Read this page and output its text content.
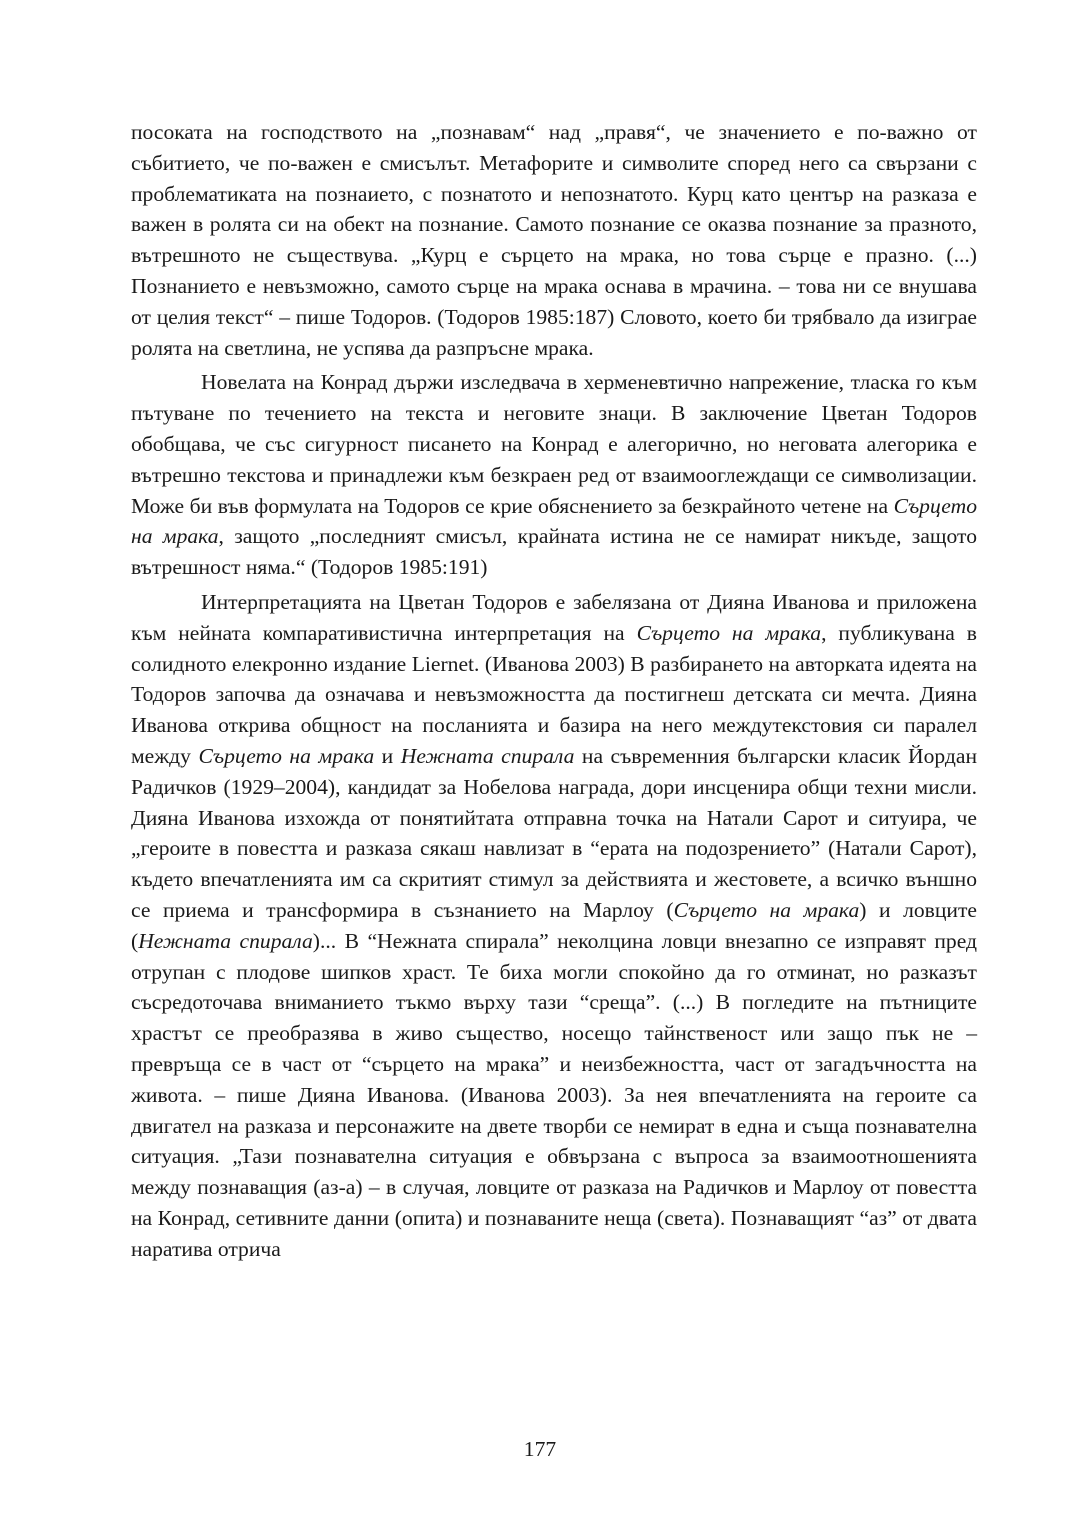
посоката на господството на „познавам“ над „правя“, че значението е по-важно от събитието, че по-важен е смисълът. Метафорите и символите според него са свързани с проблематиката на познаието, с познатото и непознатото. Курц като център на разказа е важен в ролята си на обект на познание. Самото познание се оказва познание за празното, вътрешното не съществува. „Курц е сърцето на мрака, но това сърце е празно. (...) Познанието е невъзможно, самото сърце на мрака оснава в мрачина. – това ни се внушава от целия текст“ – пише Тодоров. (Тодоров 1985:187) Словото, което би трябвало да изиграе ролята на светлина, не успява да разпръсне мрака.

Новелата на Конрад държи изследвача в херменевтично напрежение, тласка го към пътуване по течението на текста и неговите знаци. В заключение Цветан Тодоров обобщава, че със сигурност писането на Конрад е алегорично, но неговата алегорика е вътрешно текстова и принадлежи към безкраен ред от взаимооглеждащи се символизации. Може би във формулата на Тодоров се крие обяснението за безкрайното четене на Сърцето на мрака, защото „последният смисъл, крайната истина не се намират никъде, защото вътрешност няма.“ (Тодоров 1985:191)

Интерпретацията на Цветан Тодоров е забелязана от Дияна Иванова и приложена към нейната компаративистична интерпретация на Сърцето на мрака, публикувана в солидното елекронно издание Liernet. (Иванова 2003) В разбирането на авторката идеята на Тодоров започва да означава и невъзможността да постигнеш детската си мечта. Дияна Иванова открива общност на посланията и базира на него междутекстовия си паралел между Сърцето на мрака и Нежната спирала на съвременния български класик Йордан Радичков (1929–2004), кандидат за Нобелова награда, дори инсценира общи техни мисли. Дияна Иванова изхожда от понятийтата отправна точка на Натали Сарот и ситуира, че „героите в повестта и разказа сякаш навлизат в “ерата на подозрението” (Натали Сарот), където впечатленията им са скритият стимул за действията и жестовете, а всичко външно се приема и трансформира в съзнанието на Марлоу (Сърцето на мрака) и ловците (Нежната спирала)... В “Нежната спирала” неколцина ловци внезапно се изправят пред отрупан с плодове шипков храст. Те биха могли спокойно да го отминат, но разказът съсредоточава вниманието тъкмо върху тази “среща”. (...) В погледите на пътниците храстът се преобразява в живо същество, носещо тайнственост или защо пък не – превръща се в част от “сърцето на мрака” и неизбежността, част от загадъчността на живота. – пише Дияна Иванова. (Иванова 2003). За нея впечатленията на героите са двигател на разказа и персонажите на двете творби се немират в една и съща познавателна ситуация. „Тази познавателна ситуация е обвързана с въпроса за взаимоотношенията между познаващия (аз-а) – в случая, ловците от разказа на Радичков и Марлоу от повестта на Конрад, сетивните данни (опита) и познаваните неща (света). Познаващият “аз” от двата наратива отрича

177
